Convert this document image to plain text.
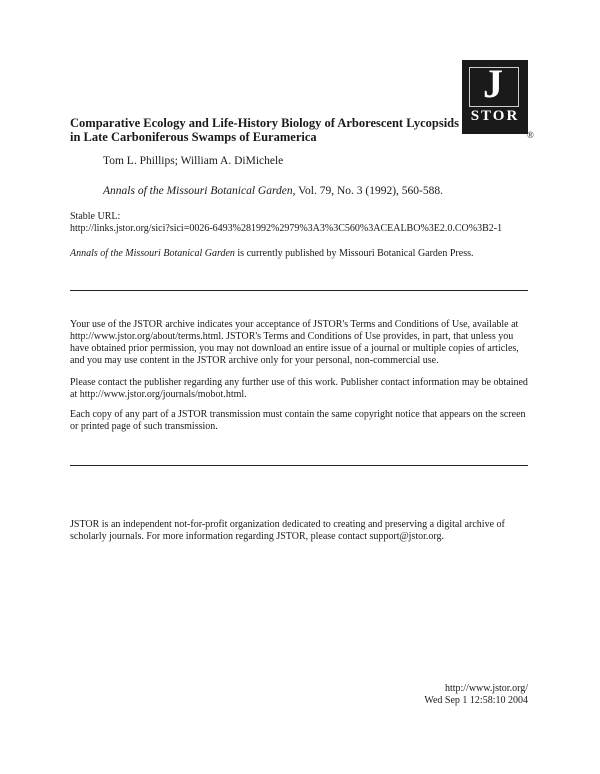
J
STOR
®
Comparative Ecology and Life-History Biology of Arborescent Lycopsids in Late Carboniferous Swamps of Euramerica
Tom L. Phillips; William A. DiMichele
Annals of the Missouri Botanical Garden, Vol. 79, No. 3 (1992), 560-588.
Stable URL:
http://links.jstor.org/sici?sici=0026-6493%281992%2979%3A3%3C560%3ACEALBO%3E2.0.CO%3B2-1
Annals of the Missouri Botanical Garden is currently published by Missouri Botanical Garden Press.
Your use of the JSTOR archive indicates your acceptance of JSTOR's Terms and Conditions of Use, available at http://www.jstor.org/about/terms.html. JSTOR's Terms and Conditions of Use provides, in part, that unless you have obtained prior permission, you may not download an entire issue of a journal or multiple copies of articles, and you may use content in the JSTOR archive only for your personal, non-commercial use.
Please contact the publisher regarding any further use of this work. Publisher contact information may be obtained at http://www.jstor.org/journals/mobot.html.
Each copy of any part of a JSTOR transmission must contain the same copyright notice that appears on the screen or printed page of such transmission.
JSTOR is an independent not-for-profit organization dedicated to creating and preserving a digital archive of scholarly journals. For more information regarding JSTOR, please contact support@jstor.org.
http://www.jstor.org/
Wed Sep 1 12:58:10 2004
